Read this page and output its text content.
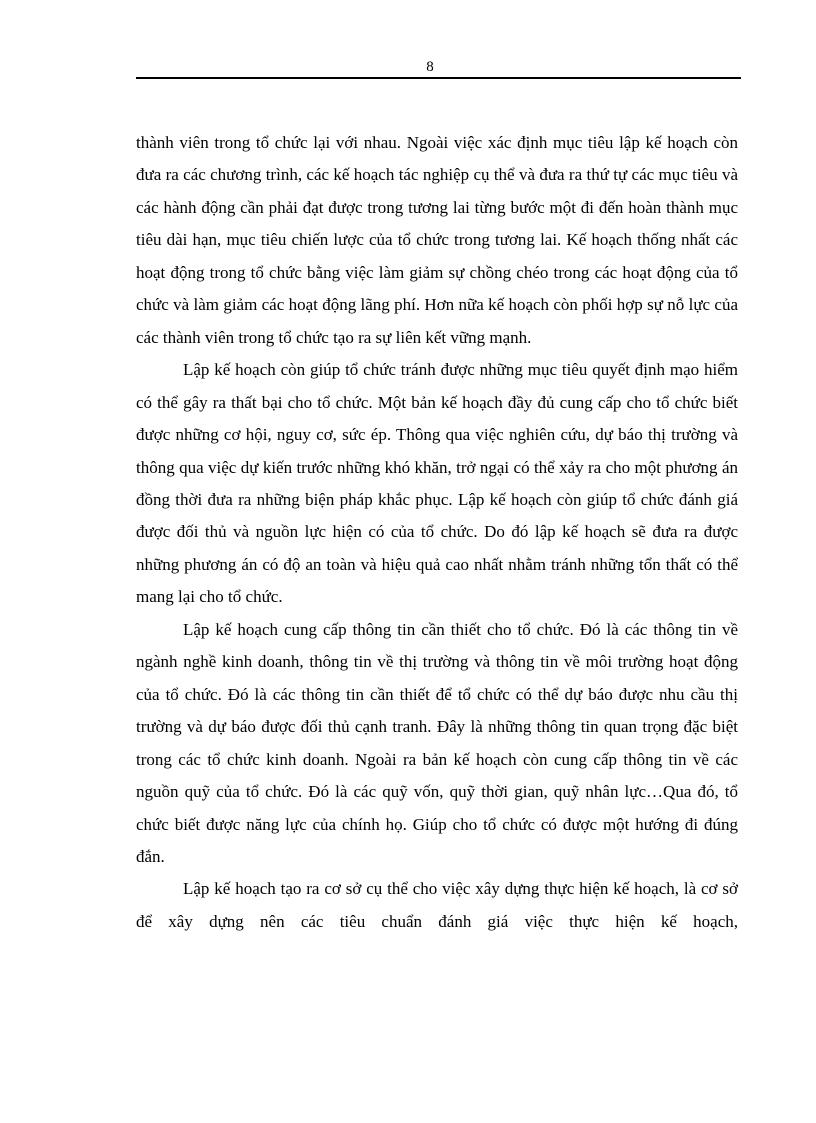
8

thành viên trong tổ chức lại với nhau. Ngoài việc xác định mục tiêu lập kế hoạch còn đưa ra các chương trình, các kế hoạch tác nghiệp cụ thể và đưa ra thứ tự các mục tiêu và các hành động cần phải đạt được trong tương lai từng bước một đi đến hoàn thành mục tiêu dài hạn, mục tiêu chiến lược của tổ chức trong tương lai. Kế hoạch thống nhất các hoạt động trong tổ chức bằng việc làm giảm sự chồng chéo trong các hoạt động của tổ chức và làm giảm các hoạt động lãng phí. Hơn nữa kế hoạch còn phối hợp sự nỗ lực của các thành viên trong tổ chức tạo ra sự liên kết vững mạnh.

Lập kế hoạch còn giúp tổ chức tránh được những mục tiêu quyết định mạo hiểm có thể gây ra thất bại cho tổ chức. Một bản kế hoạch đầy đủ cung cấp cho tổ chức biết được những cơ hội, nguy cơ, sức ép. Thông qua việc nghiên cứu, dự báo thị trường và thông qua việc dự kiến trước những khó khăn, trở ngại có thể xảy ra cho một phương án đồng thời đưa ra những biện pháp khắc phục. Lập kế hoạch còn giúp tổ chức đánh giá được đối thủ và nguồn lực hiện có của tổ chức. Do đó lập kế hoạch sẽ đưa ra được những phương án có độ an toàn và hiệu quả cao nhất nhằm tránh những tổn thất có thể mang lại cho tổ chức.

Lập kế hoạch cung cấp thông tin cần thiết cho tổ chức. Đó là các thông tin về ngành nghề kinh doanh, thông tin về thị trường và thông tin về môi trường hoạt động của tổ chức. Đó là các thông tin cần thiết để tổ chức có thể dự báo được nhu cầu thị trường và dự báo được đối thủ cạnh tranh. Đây là những thông tin quan trọng đặc biệt trong các tổ chức kinh doanh. Ngoài ra bản kế hoạch còn cung cấp thông tin về các nguồn quỹ của tổ chức. Đó là các quỹ vốn, quỹ thời gian, quỹ nhân lực…Qua đó, tổ chức biết được năng lực của chính họ. Giúp cho tổ chức có được một hướng đi đúng đắn.

Lập kế hoạch tạo ra cơ sở cụ thể cho việc xây dựng thực hiện kế hoạch, là cơ sở để xây dựng nên các tiêu chuẩn đánh giá việc thực hiện kế hoạch,
